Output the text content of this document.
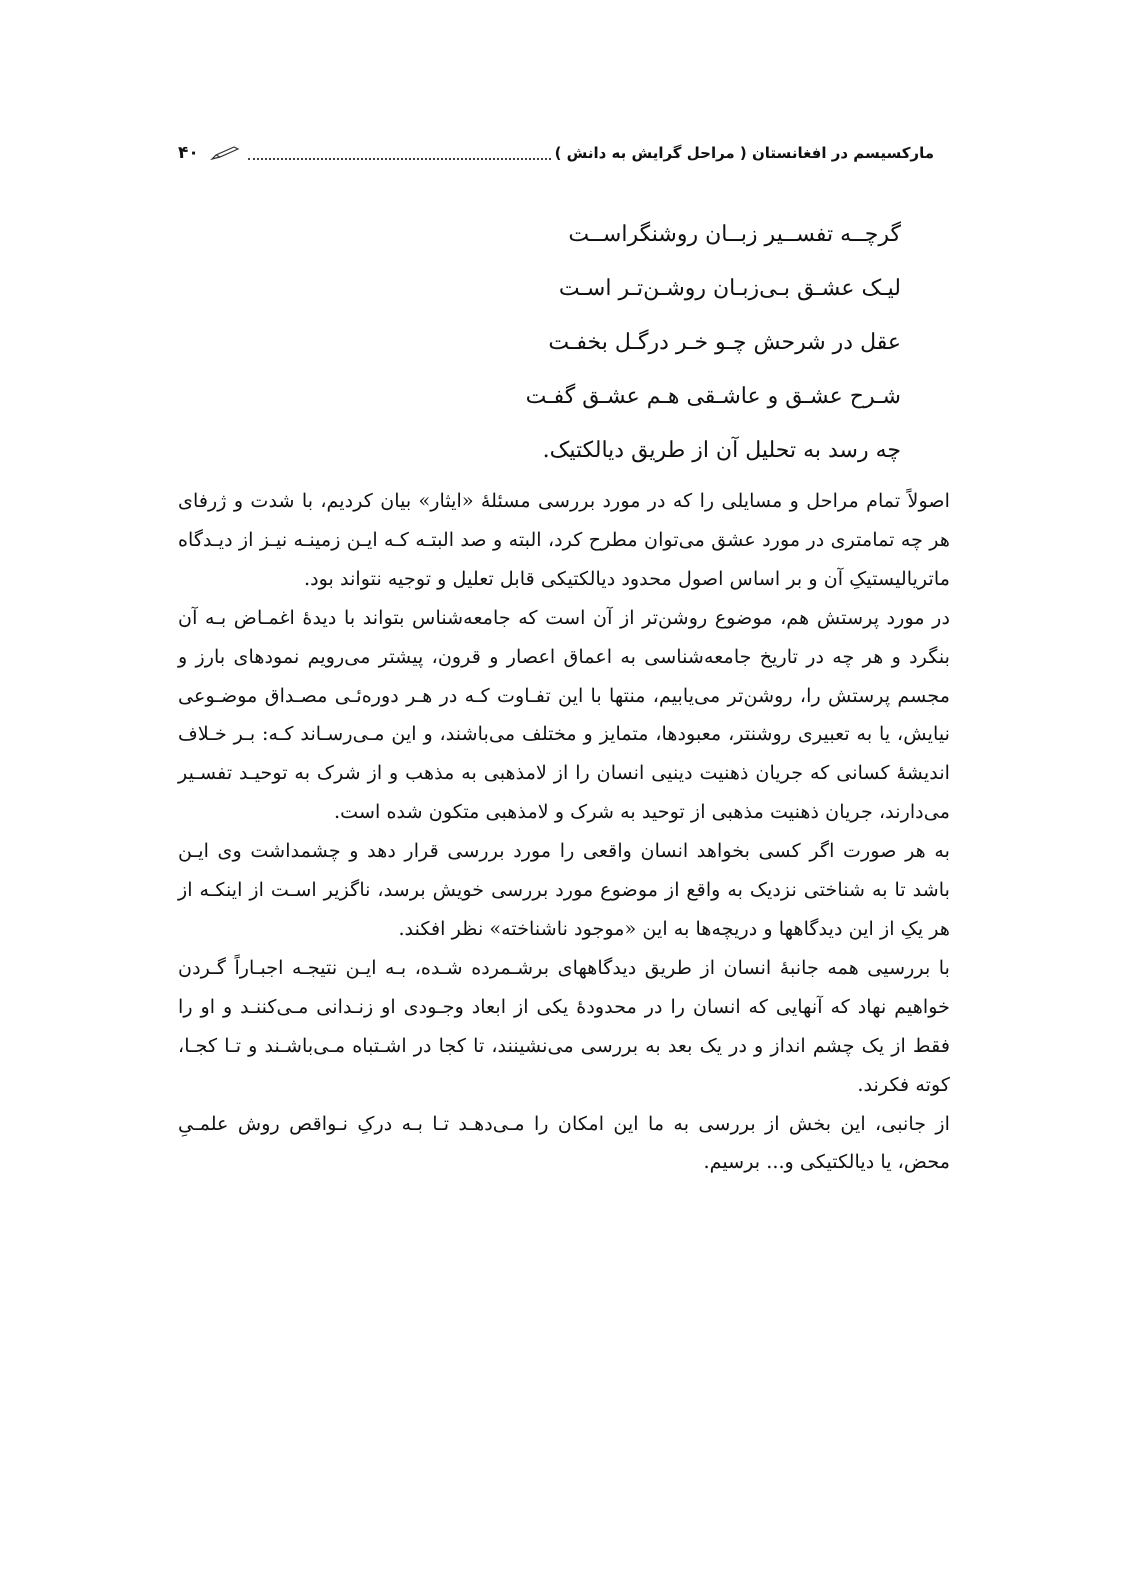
۴۰	مارکسیسم در افغانستان ( مراحل گرایش به دانش )
گرچــه تفســیر زبــان روشنگراســت
لیـک عشـق بـی‌زبـان روشـن‌تـر اسـت
عقل در شرحش چـو خـر درگـل بخفـت
شـرح عشـق و عاشـقی هـم عشـق گفـت
چه رسد به تحلیل آن از طریق دیالکتیک.

اصولاً تمام مراحل و مسایلی را که در مورد بررسی مسئلهٔ «ایثار» بیان کردیم، با شدت و ژرفای هر چه تمامتری در مورد عشق می‌توان مطرح کرد، البته و صد البتـه کـه ایـن زمینـه نیـز از دیـدگاه ماتریالیستیکِ آن و بر اساس اصول محدود دیالکتیکی قابل تعلیل و توجیه نتواند بود.

در مورد پرستش هم، موضوع روشن‌تر از آن است که جامعه‌شناس بتواند با دیدهٔ اغمـاض بـه آن بنگرد و هر چه در تاریخ جامعه‌شناسی به اعماق اعصار و قرون، پیشتر می‌رویم نمودهای بارز و مجسم پرستش را، روشن‌تر می‌یابیم، منتها با این تفـاوت کـه در هـر دوره‌ئـی مصـداق موضـوعی نیایش، یا به تعبیری روشنتر، معبودها، متمایز و مختلف می‌باشند، و این مـی‌رسـاند کـه: بـر خـلاف اندیشهٔ کسانی که جریان ذهنیت دینیی انسان را از لامذهبی به مذهب و از شرک به توحیـد تفسـیر می‌دارند، جریان ذهنیت مذهبی از توحید به شرک و لامذهبی متکون شده است.

به هر صورت اگر کسی بخواهد انسان واقعی را مورد بررسی قرار دهد و چشمداشت وی ایـن باشد تا به شناختی نزدیک به واقع از موضوع مورد بررسی خویش برسد، ناگزیر اسـت از اینکـه از هر یکِ از این دیدگاهها و دریچه‌ها به این «موجود ناشناخته» نظر افکند.

با بررسیی همه جانبهٔ انسان از طریق دیدگاههای برشـمرده شـده، بـه ایـن نتیجـه اجبـاراً گـردن خواهیم نهاد که آنهایی که انسان را در محدودهٔ یکی از ابعاد وجـودی او زنـدانی مـی‌کننـد و او را فقط از یک چشم انداز و در یک بعد به بررسی می‌نشینند، تا کجا در اشـتباه مـی‌باشـند و تـا کجـا، کوته فکرند.

از جانبی، این بخش از بررسی به ما این امکان را مـی‌دهـد تـا بـه درکِ نـواقص روش علمـیِ محض، یا دیالکتیکی و... برسیم.
